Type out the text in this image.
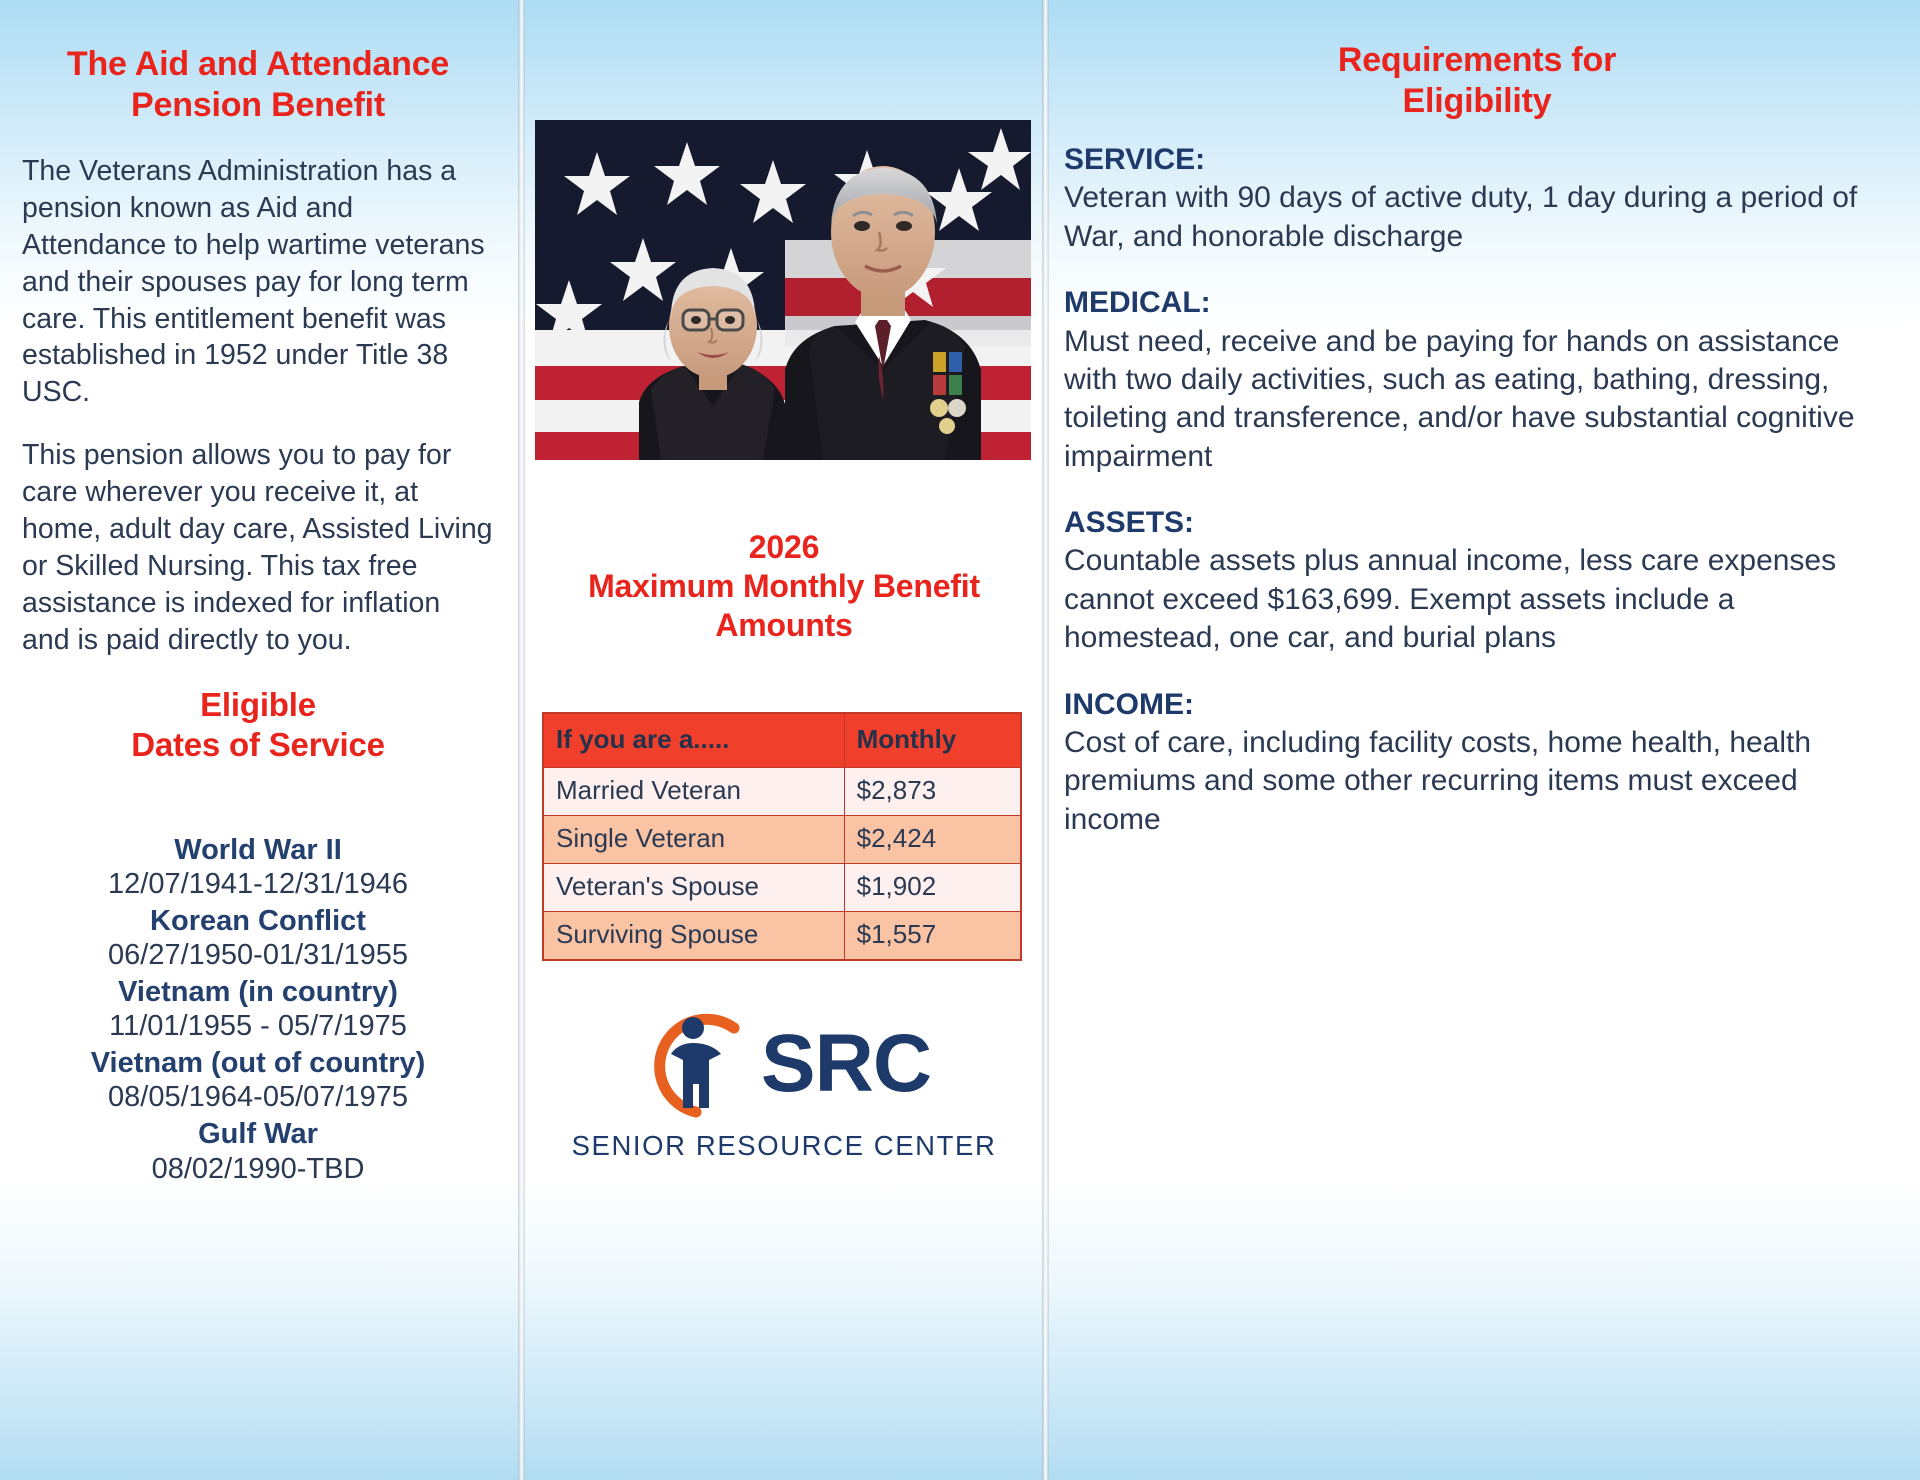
The Aid and Attendance
Pension Benefit

The Veterans Administration has a pension known as Aid and Attendance to help wartime veterans and their spouses pay for long term care. This entitlement benefit was established in 1952 under Title 38 USC.

This pension allows you to pay for care wherever you receive it, at home, adult day care, Assisted Living or Skilled Nursing. This tax free assistance is indexed for inflation and is paid directly to you.

Eligible
Dates of Service
World War II
12/07/1941-12/31/1946
Korean Conflict
06/27/1950-01/31/1955
Vietnam (in country)
11/01/1955 - 05/7/1975
Vietnam (out of country)
08/05/1964-05/07/1975
Gulf War
08/02/1990-TBD
2026
Maximum Monthly Benefit
Amounts
If you are a.....	Monthly
Married Veteran	$2,873
Single Veteran	$2,424
Veteran's Spouse	$1,902
Surviving Spouse	$1,557
SRC
SENIOR RESOURCE CENTER
Requirements for
Eligibility
SERVICE:
Veteran with 90 days of active duty, 1 day during a period of War, and honorable discharge
MEDICAL:
Must need, receive and be paying for hands on assistance with two daily activities, such as eating, bathing, dressing, toileting and transference, and/or have substantial cognitive impairment
ASSETS:
Countable assets plus annual income, less care expenses cannot exceed $163,699. Exempt assets include a homestead, one car, and burial plans
INCOME:
Cost of care, including facility costs, home health, health premiums and some other recurring items must exceed income
